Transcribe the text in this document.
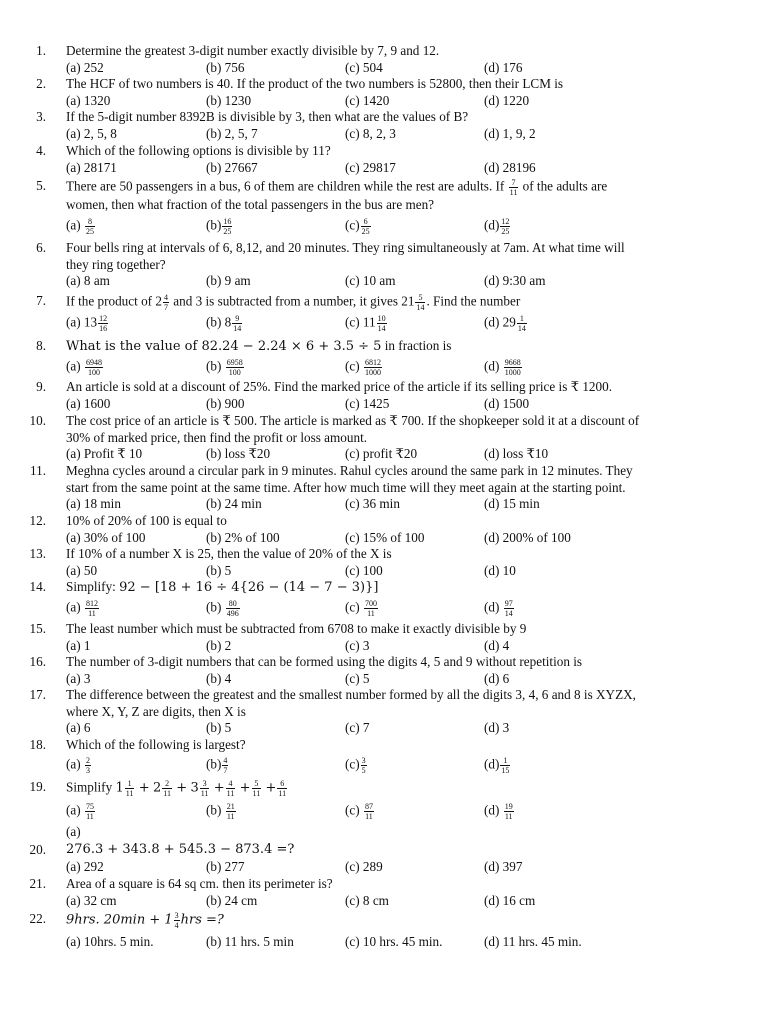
1. Determine the greatest 3-digit number exactly divisible by 7, 9 and 12.
(a) 252	(b) 756	(c) 504	(d) 176
2. The HCF of two numbers is 40. If the product of the two numbers is 52800, then their LCM is
(a) 1320	(b) 1230	(c) 1420	(d) 1220
3. If the 5-digit number 8392B is divisible by 3, then what are the values of B?
(a) 2, 5, 8	(b) 2, 5, 7	(c) 8, 2, 3	(d) 1, 9, 2
4. Which of the following options is divisible by 11?
(a) 28171	(b) 27667	(c) 29817	(d) 28196
5. There are 50 passengers in a bus, 6 of them are children while the rest are adults. If $\frac{7}{11}$ of the adults are
women, then what fraction of the total passengers in the bus are men?
$(a) \frac{8}{25}$	$(b) \frac{16}{25}$	$(c) \frac{6}{25}$	$(d) \frac{12}{25}$
6. Four bells ring at intervals of 6, 8,12, and 20 minutes. They ring simultaneously at 7am. At what time will
they ring together?
(a) 8 am	(b) 9 am	(c) 10 am	(d) 9:30 am
7. If the product of $2 \frac{4}{7}$ and 3 is subtracted from a number, it gives $21 \frac{5}{14}$ . Find the number
(a) $13 \frac{12}{16}$	(b) $8 \frac{9}{14}$	(c) $11 \frac{10}{14}$	(d) $29 \frac{1}{14}$
8. What is the value of 82.24 − 2.24 × 6 + 3.5 ÷ 5 in fraction is
$(a) \frac{6948}{100}$	$(b) \frac{6958}{100}$	$(c) \frac{6812}{1000}$	$(d) \frac{9668}{1000}$
9. An article is sold at a discount of 25%. Find the marked price of the article if its selling price is ₹ 1200.
(a) 1600	(b) 900	(c) 1425	(d) 1500
10. The cost price of an article is ₹ 500. The article is marked as ₹ 700. If the shopkeeper sold it at a discount of
30% of marked price, then find the profit or loss amount.
(a) Profit ₹ 10	(b) loss ₹20	(c) profit ₹20	(d) loss ₹10
11. Meghna cycles around a circular park in 9 minutes. Rahul cycles around the same park in 12 minutes. They
start from the same point at the same time. After how much time will they meet again at the starting point.
(a) 18 min	(b) 24 min	(c) 36 min	(d) 15 min
12. 10% of 20% of 100 is equal to
(a) 30% of 100	(b) 2% of 100	(c) 15% of 100	(d) 200% of 100
13. If 10% of a number X is 25, then the value of 20% of the X is
(a) 50	(b) 5	(c) 100	(d) 10
14. Simplify: 92 − [18 + 16 ÷ 4{26 − (14 − 7 − 3)}]
$(a) \frac{812}{11}$	$(b) \frac{80}{496}$	$(c) \frac{700}{11}$	$(d) \frac{97}{14}$
15. The least number which must be subtracted from 6708 to make it exactly divisible by 9
(a) 1	(b) 2	(c) 3	(d) 4
16. The number of 3-digit numbers that can be formed using the digits 4, 5 and 9 without repetition is
(a) 3	(b) 4	(c) 5	(d) 6
17. The difference between the greatest and the smallest number formed by all the digits 3, 4, 6 and 8 is XYZX,
where X, Y, Z are digits, then X is
(a) 6	(b) 5	(c) 7	(d) 3
18. Which of the following is largest?
$(a) \frac{2}{3}$	$(b) \frac{4}{7}$	$(c) \frac{3}{5}$	$(d) \frac{1}{15}$
19. Simplify $1 \frac{1}{11} + 2 \frac{2}{11} + 3 \frac{3}{11} + \frac{4}{11} + \frac{5}{11} + \frac{6}{11}$
$(a) \frac{75}{11}$	$(b) \frac{21}{11}$	$(c) \frac{87}{11}$	$(d) \frac{19}{11}$
(a)
20. 276.3 + 343.8 + 545.3 − 873.4 =?
(a) 292	(b) 277	(c) 289	(d) 397
21. Area of a square is 64 sq cm. then its perimeter is?
(a) 32 cm	(b) 24 cm	(c) 8 cm	(d) 16 cm
22. 9hrs. $20\min + 1 \frac{3}{4}$ hrs =?
(a) 10hrs. 5 min.	(b) 11 hrs. 5 min	(c) 10 hrs. 45 min.	(d) 11 hrs. 45 min.
